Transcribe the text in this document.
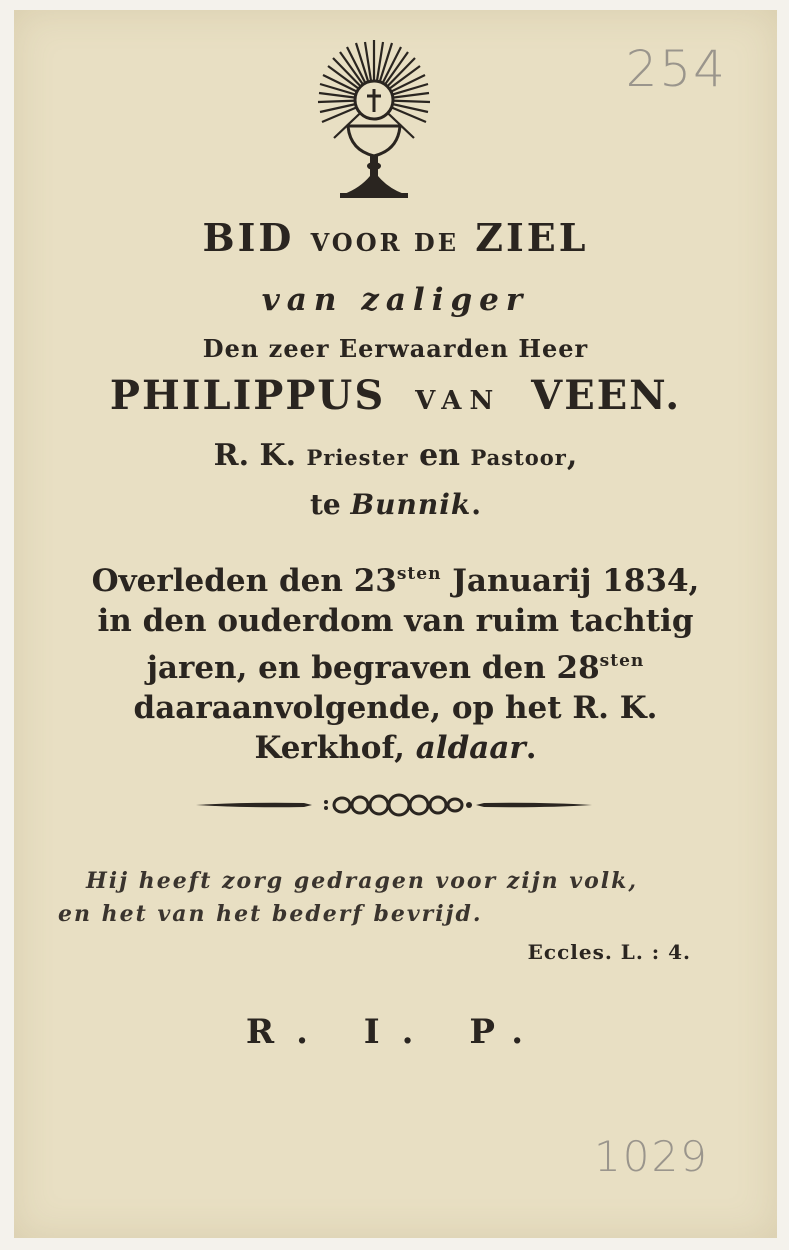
254
BID VOOR DE ZIEL
van zaliger
Den zeer Eerwaarden Heer
PHILIPPUS VAN VEEN.
R. K. Priester en Pastoor,
te Bunnik.
Overleden den $23^{sten}$ Januarij 1834,
in den ouderdom van ruim tachtig
jaren, en begraven den $28^{sten}$
daaraanvolgende, op het R. K.
Kerkhof, aldaar.
Hij heeft zorg gedragen voor zijn volk,
en het van het bederf bevrijd.
Eccles. L. : 4.
R. I. P.
1029
